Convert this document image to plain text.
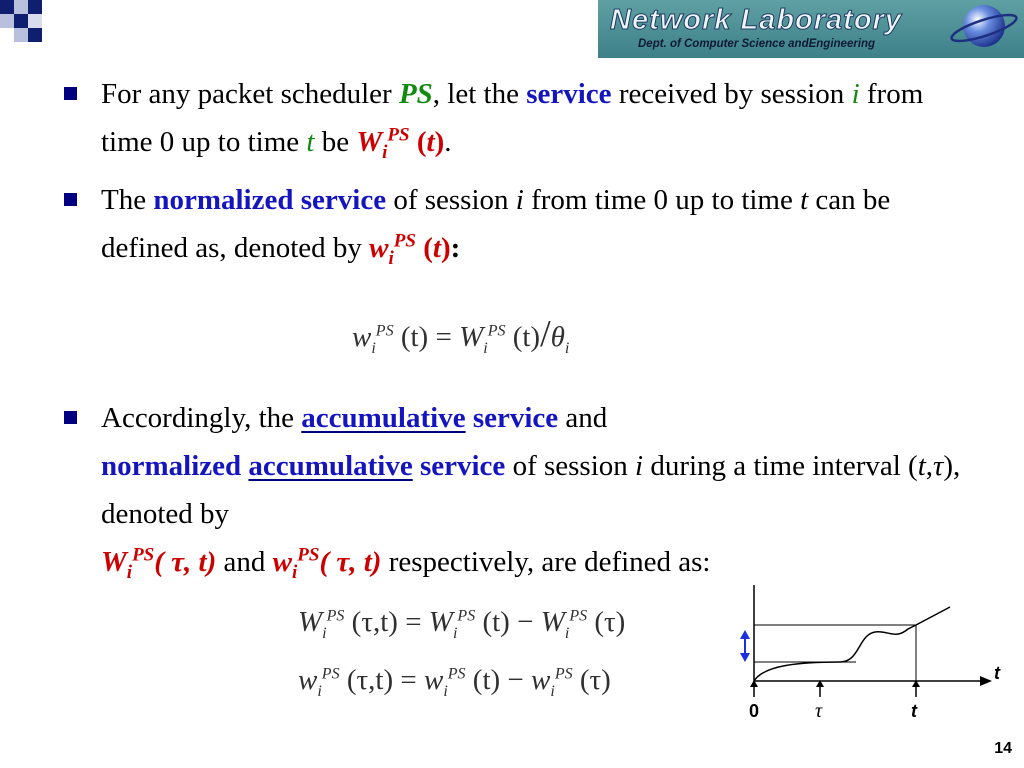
Network Laboratory
Dept. of Computer Science andEngineering
For any packet scheduler PS, let the service received by session i from time 0 up to time t be $W_i^{PS}$ (t).
The normalized service of session i from time 0 up to time t can be defined as, denoted by $w_i^{PS}$ (t):
$w_i^{PS}$ $(t) = W_i^{PS}$ $(t)/\theta_i$
Accordingly, the accumulative service and
normalized accumulative service of session i during a time interval (t,τ), denoted by
$W_i^{PS}$( τ, t) and $w_i^{PS}$( τ, t) respectively, are defined as:
$W_i^{PS}$ $(\tau,t) = W_i^{PS}$ $(t) - W_i^{PS}$ (τ)
$w_i^{PS}$ $(\tau,t) = w_i^{PS}$ $(t) - w_i^{PS}$ (τ)	t
0	τ	t
14
